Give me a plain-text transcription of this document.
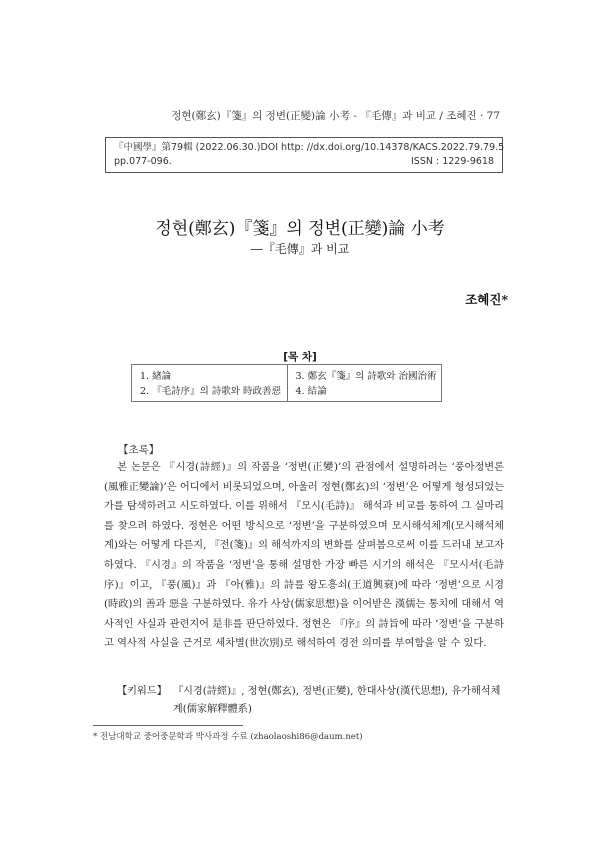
정현(鄭玄)『箋』의 정변(正變)論 小考 - 『毛傳』과 비교 / 조혜진 · 77
『中國學』第79輯 (2022.06.30.) DOI http: //dx.doi.org/10.14378/KACS.2022.79.79.5
pp.077-096.	ISSN : 1229-9618
정현(鄭玄)『箋』의 정변(正變)論 小考
―『毛傳』과 비교
조혜진*
[목 차]
1. 緖論
2. 『毛詩序』의 詩歌와 時政善惡
3. 鄭玄『箋』의 詩歌와 治國治術
4. 結論
【초록】

본 논문은 『시경(詩經)』의 작품을 ‘정변(正變)’의 관점에서 설명하려는 ‘풍아정변론(風雅正變論)’은 어디에서 비롯되었으며, 아울러 정현(鄭玄)의 ‘정변’은 어떻게 형성되었는가를 탐색하려고 시도하였다. 이를 위해서 『모시(毛詩)』 해석과 비교를 통하여 그 실마리를 찾으려 하였다. 정현은 어떤 방식으로 ‘정변’을 구분하였으며 모시해석체계(모시해석체계)와는 어떻게 다른지, 『전(箋)』의 해석까지의 변화를 살펴봄으로써 이를 드러내 보고자 하였다. 『시경』의 작품을 ‘정변’을 통해 설명한 가장 빠른 시기의 해석은 『모시서(毛詩序)』이고, 『풍(風)』과 『아(雅)』의 詩를 왕도흥쇠(王道興衰)에 따라 ‘정변’으로 시경(時政)의 善과 惡을 구분하였다. 유가 사상(儒家思想)을 이어받은 漢儒는 통치에 대해서 역사적인 사실과 관련지어 是非를 판단하였다. 정현은 『序』의 詩旨에 따라 ‘정변’을 구분하고 역사적 사실을 근거로 세차별(世次別)로 해석하여 경전 의미를 부여함을 알 수 있다.

【키워드】 『시경(詩經)』, 정현(鄭玄), 정변(正變), 한대사상(漢代思想), 유가해석체계(儒家解釋體系)
* 전남대학교 중어중문학과 박사과정 수료 (zhaolaoshi86@daum.net)
